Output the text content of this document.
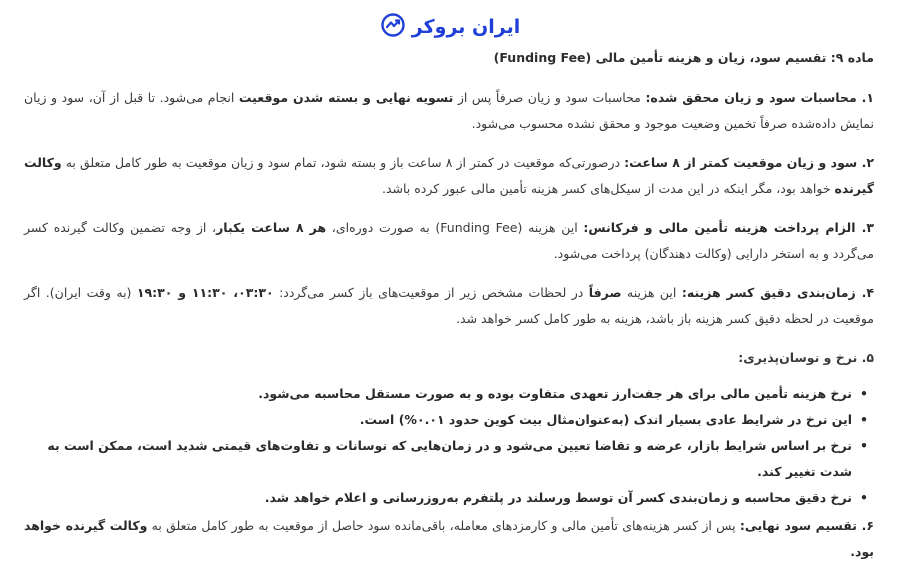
ایران بروکر

ماده ۹: تقسیم سود، زیان و هزینه تأمین مالی (Funding Fee)

۱. محاسبات سود و زیان محقق شده: محاسبات سود و زیان صرفاً پس از تسویه نهایی و بسته شدن موقعیت انجام می‌شود. تا قبل از آن، سود و زیان نمایش داده‌شده صرفاً تخمین وضعیت موجود و محقق نشده محسوب می‌شود.

۲. سود و زیان موقعیت کمتر از ۸ ساعت: درصورتی‌که موقعیت در کمتر از ۸ ساعت باز و بسته شود، تمام سود و زیان موقعیت به طور کامل متعلق به وکالت گیرنده خواهد بود، مگر اینکه در این مدت از سیکل‌های کسر هزینه تأمین مالی عبور کرده باشد.

۳. الزام پرداخت هزینه تأمین مالی و فرکانس: این هزینه (Funding Fee) به صورت دوره‌ای، هر ۸ ساعت یکبار، از وجه تضمین وکالت گیرنده کسر می‌گردد و به استخر دارایی (وکالت دهندگان) پرداخت می‌شود.

۴. زمان‌بندی دقیق کسر هزینه: این هزینه صرفاً در لحظات مشخص زیر از موقعیت‌های باز کسر می‌گردد: ۰۳:۳۰، ۱۱:۳۰ و ۱۹:۳۰ (به وقت ایران). اگر موقعیت در لحظه دقیق کسر هزینه باز باشد، هزینه به طور کامل کسر خواهد شد.

۵. نرخ و نوسان‌پذیری:

• نرخ هزینه تأمین مالی برای هر جفت‌ارز تعهدی متفاوت بوده و به صورت مستقل محاسبه می‌شود.
• این نرخ در شرایط عادی بسیار اندک (به‌عنوان‌مثال بیت کوین حدود ۰.۰۱%) است.
• نرخ بر اساس شرایط بازار، عرضه و تقاضا تعیین می‌شود و در زمان‌هایی که نوسانات و تفاوت‌های قیمتی شدید است، ممکن است به شدت تغییر کند.
• نرخ دقیق محاسبه و زمان‌بندی کسر آن توسط ورسلند در پلتفرم به‌روزرسانی و اعلام خواهد شد.

۶. تقسیم سود نهایی: پس از کسر هزینه‌های تأمین مالی و کارمزدهای معامله، باقی‌مانده سود حاصل از موقعیت به طور کامل متعلق به وکالت گیرنده خواهد بود.
